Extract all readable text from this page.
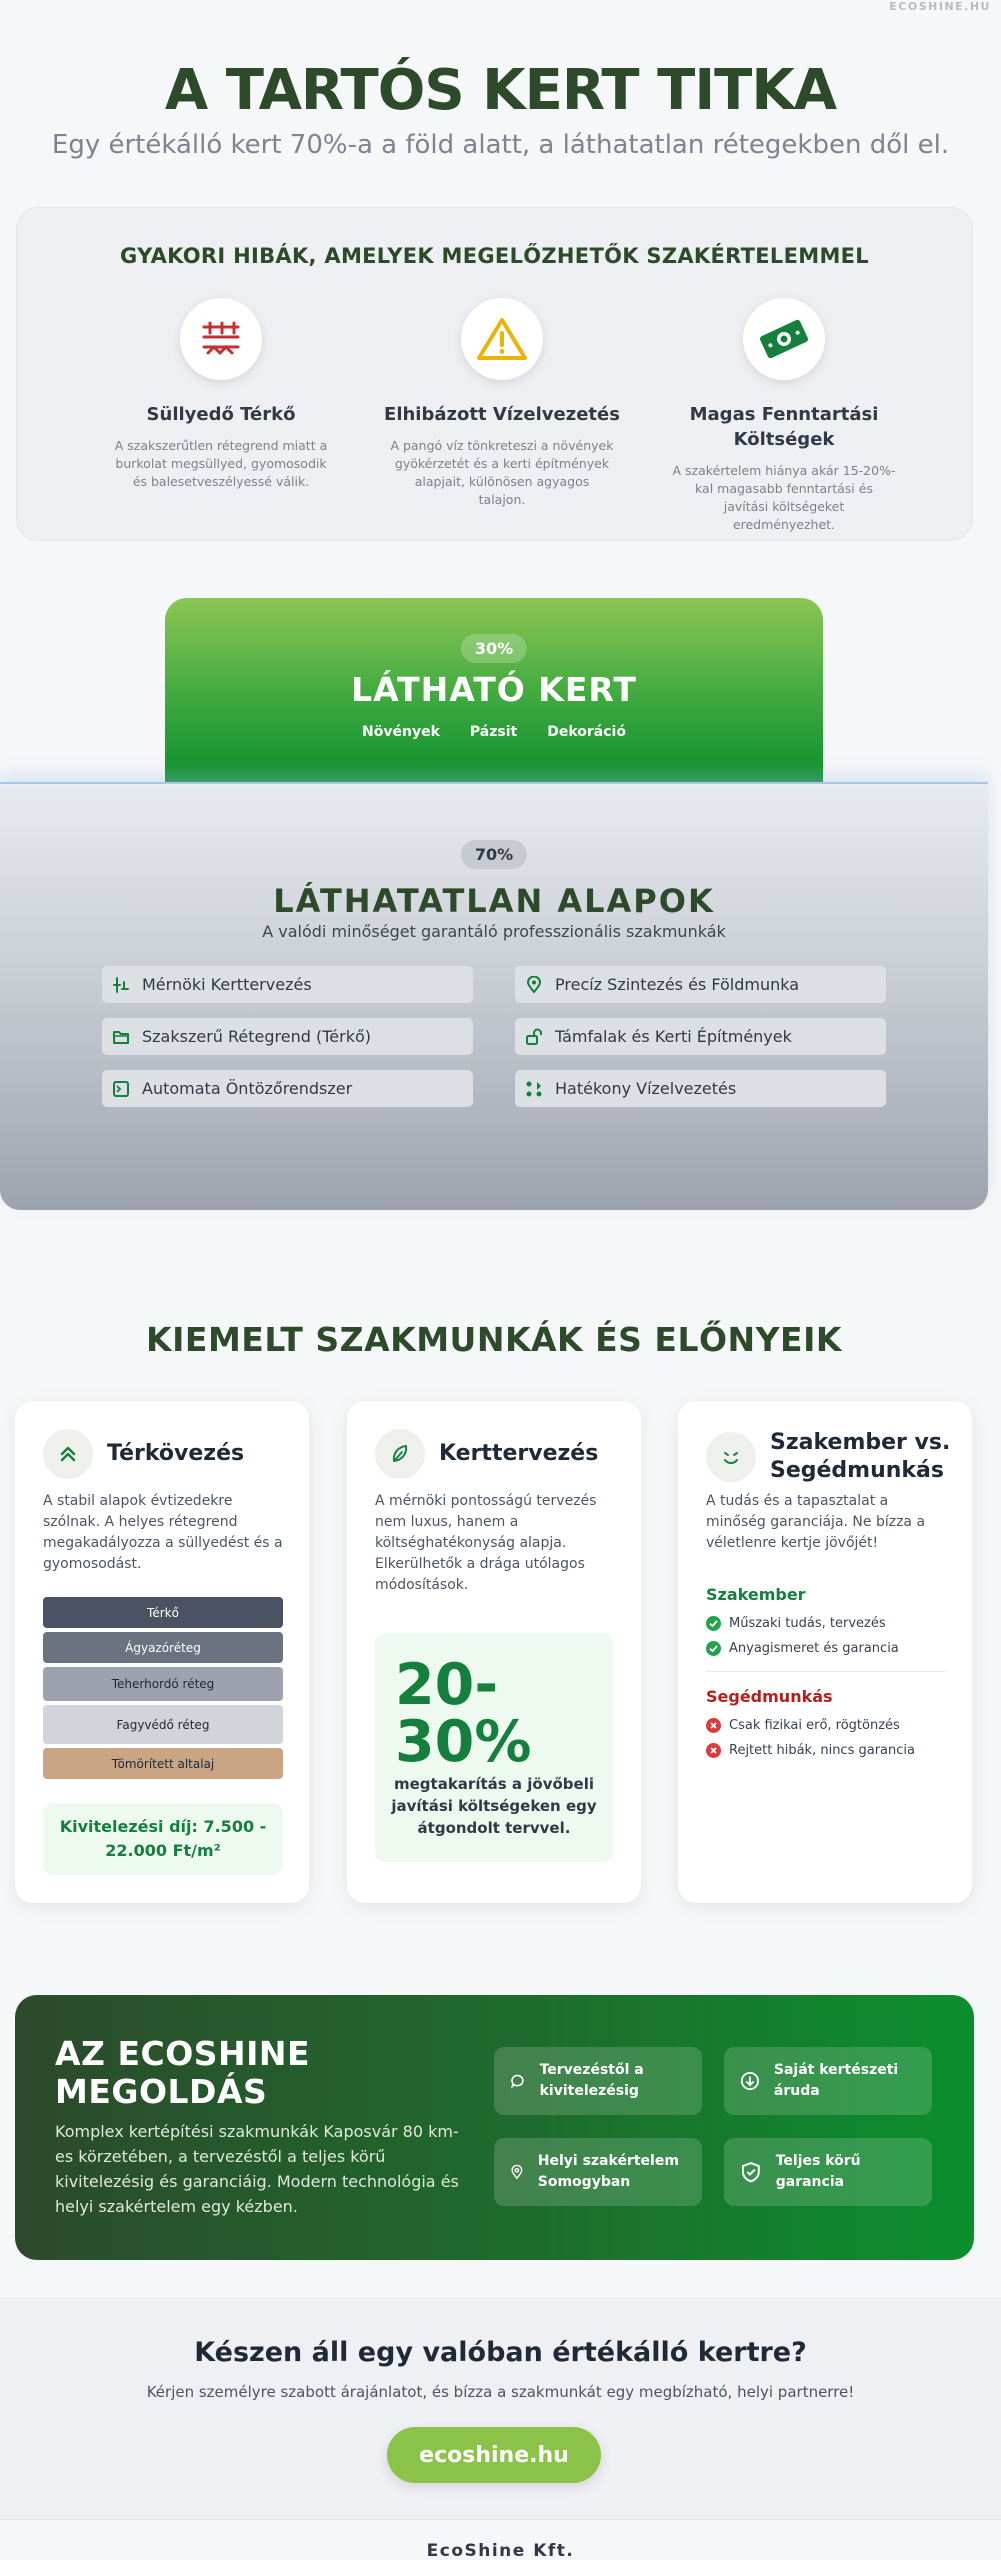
ECOSHINE.HU
A TARTÓS KERT TITKA

Egy értékálló kert 70%-a a föld alatt, a láthatatlan rétegekben dől el.

GYAKORI HIBÁK, AMELYEK MEGELŐZHETŐK SZAKÉRTELEMMEL
Süllyedő Térkő
A szakszerűtlen rétegrend miatt a burkolat megsüllyed, gyomosodik és balesetveszélyessé válik.
Elhibázott Vízelvezetés
A pangó víz tönkreteszi a növények gyökérzetét és a kerti építmények alapjait, különösen agyagos talajon.
Magas Fenntartási Költségek
A szakértelem hiánya akár 15-20%-kal magasabb fenntartási és javítási költségeket eredményezhet.
30%
LÁTHATÓ KERT
Növények Pázsit Dekoráció
70%
LÁTHATATLAN ALAPOK

A valódi minőséget garantáló professzionális szakmunkák

Mérnöki Kerttervezés	Precíz Szintezés és Földmunka
Szakszerű Rétegrend (Térkő)	Támfalak és Kerti Építmények
Automata Öntözőrendszer	Hatékony Vízelvezetés
KIEMELT SZAKMUNKÁK ÉS ELŐNYEIK
Térkövezés

A stabil alapok évtizedekre szólnak. A helyes rétegrend megakadályozza a süllyedést és a gyomosodást.

Térkő
Ágyazóréteg
Teherhordó réteg
Fagyvédő réteg
Tömörített altalaj
Kivitelezési díj: 7.500 - 22.000 Ft/m²
Kerttervezés

A mérnöki pontosságú tervezés nem luxus, hanem a költséghatékonyság alapja. Elkerülhetők a drága utólagos módosítások.

20-30%
megtakarítás a jövőbeli javítási költségeken egy átgondolt tervvel.
Szakember vs. Segédmunkás

A tudás és a tapasztalat a minőség garanciája. Ne bízza a véletlenre kertje jövőjét!

Szakember
Műszaki tudás, tervezés
Anyagismeret és garancia
Segédmunkás
Csak fizikai erő, rögtönzés
Rejtett hibák, nincs garancia
AZ ECOSHINE MEGOLDÁS

Komplex kertépítési szakmunkák Kaposvár 80 km-es körzetében, a tervezéstől a teljes körű kivitelezésig és garanciáig. Modern technológia és helyi szakértelem egy kézben.

Tervezéstől a kivitelezésig
Saját kertészeti áruda
Helyi szakértelem Somogyban
Teljes körű garancia
Készen áll egy valóban értékálló kertre?

Kérjen személyre szabott árajánlatot, és bízza a szakmunkát egy megbízható, helyi partnerre!

ecoshine.hu
EcoShine Kft.
